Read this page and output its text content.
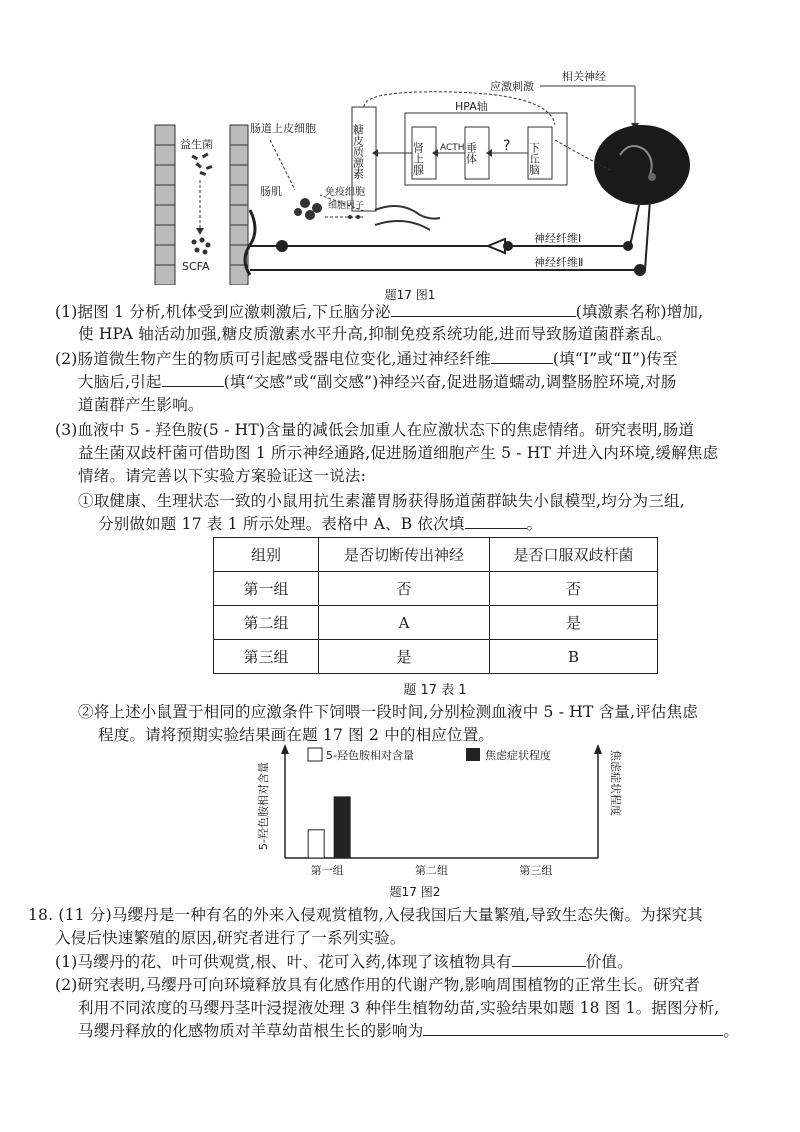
益生菌
SCFA
肠道上皮细胞	糖皮质激素
肠肌	免疫细胞
细胞因子
HPA轴
肾上腺 ACTH 垂体 ? 下丘脑
应激刺激
相关神经
神经纤维Ⅰ
神经纤维Ⅱ
题17 图1
(1)据图 1 分析,机体受到应激刺激后,下丘脑分泌	(填激素名称)增加,
使 HPA 轴活动加强,糖皮质激素水平升高,抑制免疫系统功能,进而导致肠道菌群紊乱。
(2)肠道微生物产生的物质可引起感受器电位变化,通过神经纤维	(填“Ⅰ”或“Ⅱ”)传至
大脑后,引起	(填“交感”或“副交感”)神经兴奋,促进肠道蠕动,调整肠腔环境,对肠
道菌群产生影响。
(3)血液中 5 - 羟色胺(5 - HT)含量的减低会加重人在应激状态下的焦虑情绪。研究表明,肠道
益生菌双歧杆菌可借助图 1 所示神经通路,促进肠道细胞产生 5 - HT 并进入内环境,缓解焦虑
情绪。请完善以下实验方案验证这一说法:
①取健康、生理状态一致的小鼠用抗生素灌胃肠获得肠道菌群缺失小鼠模型,均分为三组,
分别做如题 17 表 1 所示处理。表格中 A、B 依次填	。
组别	是否切断传出神经	是否口服双歧杆菌
第一组	否	否
第二组	A	是
第三组	是	B
题 17 表 1
②将上述小鼠置于相同的应激条件下饲喂一段时间,分别检测血液中 5 - HT 含量,评估焦虑
程度。请将预期实验结果画在题 17 图 2 中的相应位置。
5-羟色胺相对含量	焦虑症状程度
5-羟色胺相对含量	焦虑症状程度
第一组	第二组	第三组
题17 图2
18. (11 分)马缨丹是一种有名的外来入侵观赏植物,入侵我国后大量繁殖,导致生态失衡。为探究其
入侵后快速繁殖的原因,研究者进行了一系列实验。
(1)马缨丹的花、叶可供观赏,根、叶、花可入药,体现了该植物具有	价值。
(2)研究表明,马缨丹可向环境释放具有化感作用的代谢产物,影响周围植物的正常生长。研究者
利用不同浓度的马缨丹茎叶浸提液处理 3 种伴生植物幼苗,实验结果如题 18 图 1。据图分析,
马缨丹释放的化感物质对羊草幼苗根生长的影响为	。
